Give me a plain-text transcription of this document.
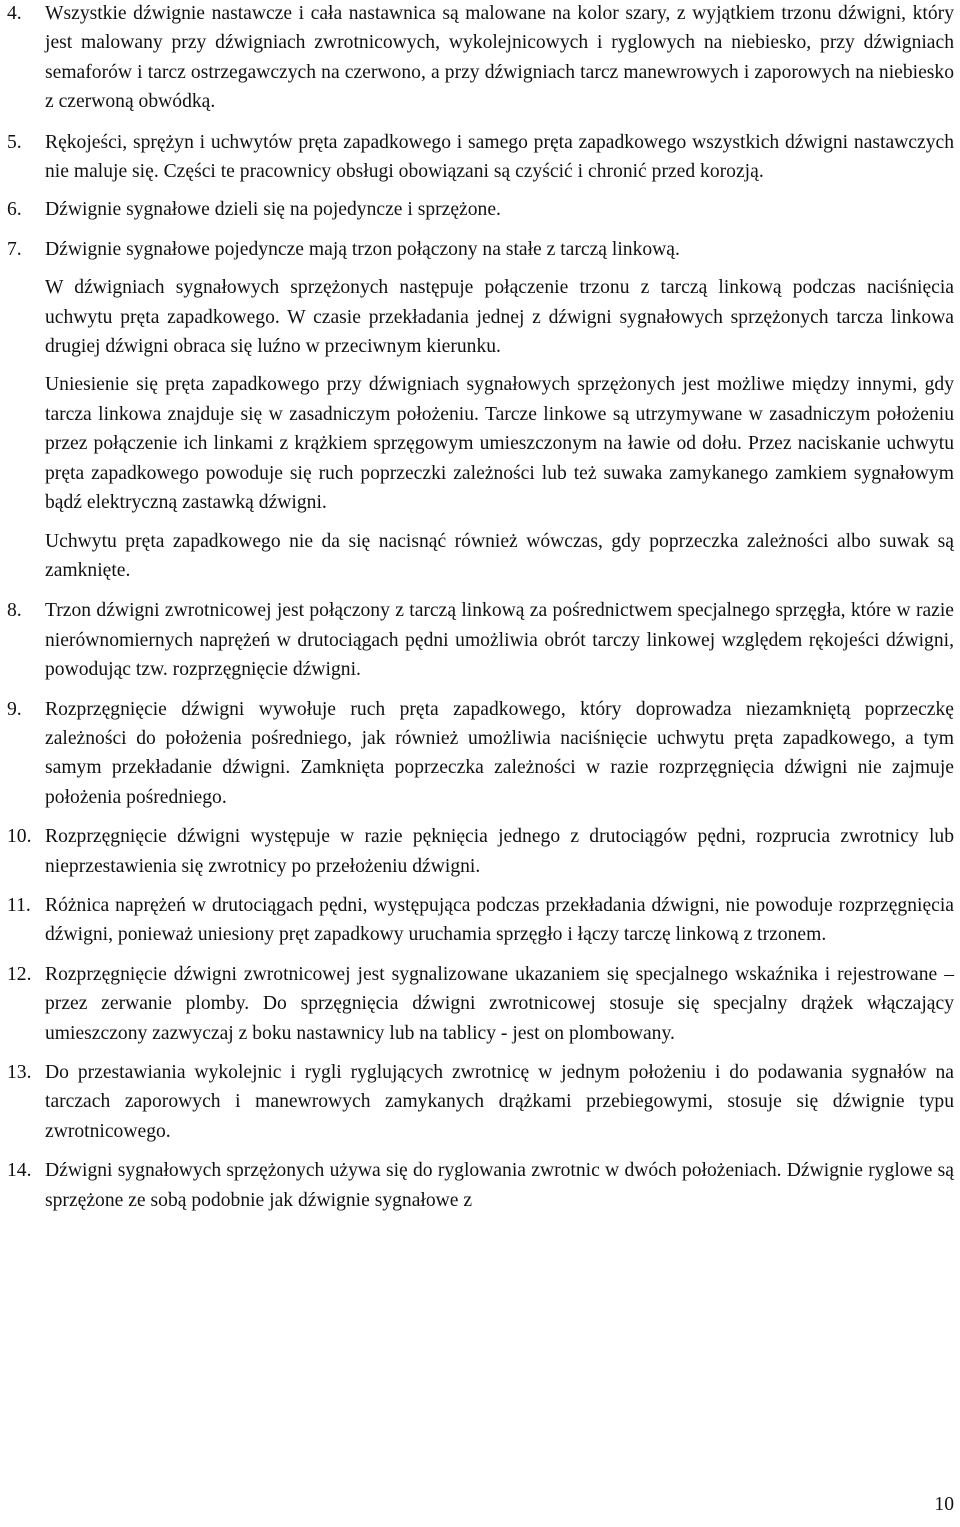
4.	Wszystkie dźwignie nastawcze i cała nastawnica są malowane na kolor szary, z wyjątkiem trzonu dźwigni, który jest malowany przy dźwigniach zwrotnicowych, wykolejnicowych i ryglowych na niebiesko, przy dźwigniach semaforów i tarcz ostrzegawczych na czerwono, a przy dźwigniach tarcz manewrowych i zaporowych na niebiesko z czerwoną obwódką.

5.	Rękojeści, sprężyn i uchwytów pręta zapadkowego i samego pręta zapadkowego wszystkich dźwigni nastawczych nie maluje się. Części te pracownicy obsługi obowiązani są czyścić i chronić przed korozją.

6.	Dźwignie sygnałowe dzieli się na pojedyncze i sprzężone.

7.	Dźwignie sygnałowe pojedyncze mają trzon połączony na stałe z tarczą linkową.

W dźwigniach sygnałowych sprzężonych następuje połączenie trzonu z tarczą linkową podczas naciśnięcia uchwytu pręta zapadkowego. W czasie przekładania jednej z dźwigni sygnałowych sprzężonych tarcza linkowa drugiej dźwigni obraca się luźno w przeciwnym kierunku.

Uniesienie się pręta zapadkowego przy dźwigniach sygnałowych sprzężonych jest możliwe między innymi, gdy tarcza linkowa znajduje się w zasadniczym położeniu. Tarcze linkowe są utrzymywane w zasadniczym położeniu przez połączenie ich linkami z krążkiem sprzęgowym umieszczonym na ławie od dołu. Przez naciskanie uchwytu pręta zapadkowego powoduje się ruch poprzeczki zależności lub też suwaka zamykanego zamkiem sygnałowym bądź elektryczną zastawką dźwigni.

Uchwytu pręta zapadkowego nie da się nacisnąć również wówczas, gdy poprzeczka zależności albo suwak są zamknięte.

8.	Trzon dźwigni zwrotnicowej jest połączony z tarczą linkową za pośrednictwem specjalnego sprzęgła, które w razie nierównomiernych naprężeń w drutociągach pędni umożliwia obrót tarczy linkowej względem rękojeści dźwigni, powodując tzw. rozprzęgnięcie dźwigni.

9.	Rozprzęgnięcie dźwigni wywołuje ruch pręta zapadkowego, który doprowadza niezamkniętą poprzeczkę zależności do położenia pośredniego, jak również umożliwia naciśnięcie uchwytu pręta zapadkowego, a tym samym przekładanie dźwigni. Zamknięta poprzeczka zależności w razie rozprzęgnięcia dźwigni nie zajmuje położenia pośredniego.

10. Rozprzęgnięcie dźwigni występuje w razie pęknięcia jednego z drutociągów pędni, rozprucia zwrotnicy lub nieprzestawienia się zwrotnicy po przełożeniu dźwigni.

11. Różnica naprężeń w drutociągach pędni, występująca podczas przekładania dźwigni, nie powoduje rozprzęgnięcia dźwigni, ponieważ uniesiony pręt zapadkowy uruchamia sprzęgło i łączy tarczę linkową z trzonem.

12. Rozprzęgnięcie dźwigni zwrotnicowej jest sygnalizowane ukazaniem się specjalnego wskaźnika i rejestrowane – przez zerwanie plomby. Do sprzęgnięcia dźwigni zwrotnicowej stosuje się specjalny drążek włączający umieszczony zazwyczaj z boku nastawnicy lub na tablicy - jest on plombowany.

13. Do przestawiania wykolejnic i rygli ryglujących zwrotnicę w jednym położeniu i do podawania sygnałów na tarczach zaporowych i manewrowych zamykanych drążkami przebiegowymi, stosuje się dźwignie typu zwrotnicowego.

14. Dźwigni sygnałowych sprzężonych używa się do ryglowania zwrotnic w dwóch położeniach. Dźwignie ryglowe są sprzężone ze sobą podobnie jak dźwignie sygnałowe z

10
